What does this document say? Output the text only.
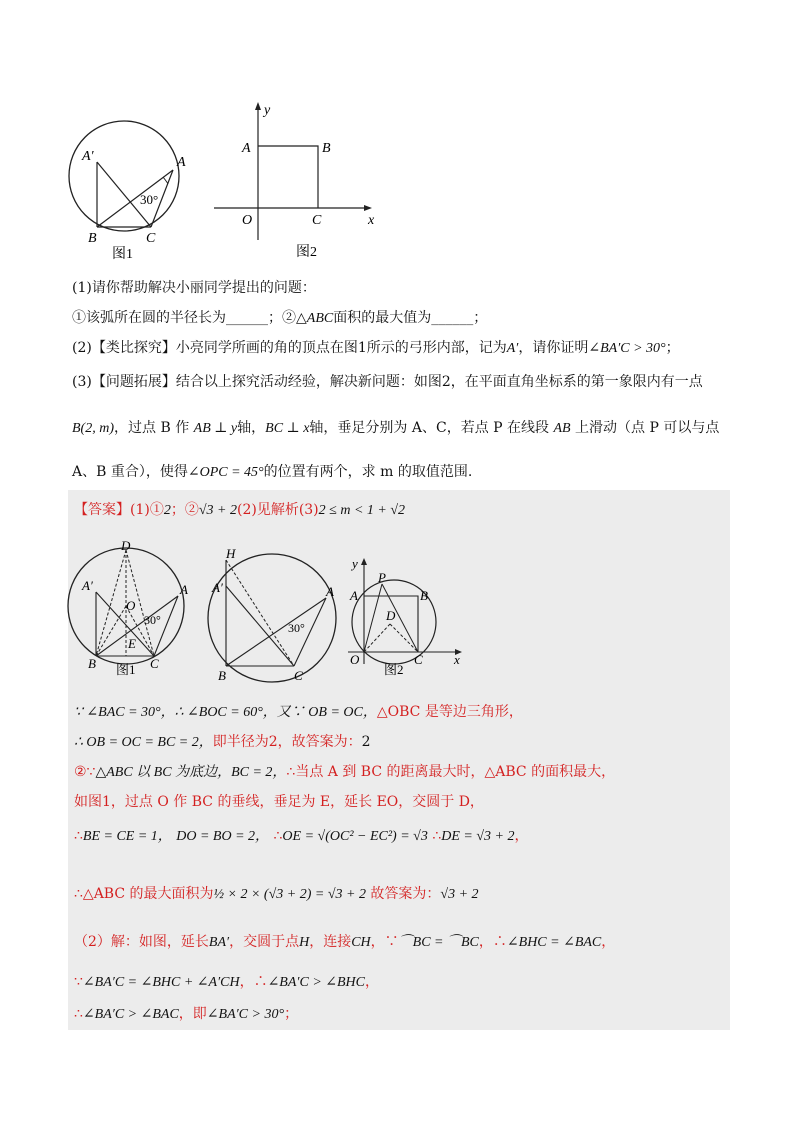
A′	A
30°
B	C
图1
y
A	B
O	C	x
图2
(1)请你帮助解决小丽同学提出的问题：
①该弧所在圆的半径长为______；②△ABC面积的最大值为______；
(2)【类比探究】小亮同学所画的角的顶点在图1所示的弓形内部，记为A′，请你证明∠BA′C > 30°；
(3)【问题拓展】结合以上探究活动经验，解决新问题：如图2，在平面直角坐标系的第一象限内有一点
B(2, m)，过点 B 作 AB ⊥ y轴，BC ⊥ x轴，垂足分别为 A、C，若点 P 在线段 AB 上滑动（点 P 可以与点
A、B 重合），使得∠OPC = 45°的位置有两个，求 m 的取值范围.
【答案】(1)①2；②√3 + 2(2)见解析(3)2 ≤ m < 1 + √2
D
A′	A
O
30°
E
B	C
图1
H
A′	A
30°
B	C
y
P
A	B
D
O	C x
图2
∵ ∠BAC = 30°，∴ ∠BOC = 60°，又∵ OB = OC，△OBC 是等边三角形，
∴ OB = OC = BC = 2，即半径为2，故答案为：2
②∵△ABC 以 BC 为底边，BC = 2，∴当点 A 到 BC 的距离最大时，△ABC 的面积最大，
如图1，过点 O 作 BC 的垂线，垂足为 E，延长 EO，交圆于 D，
∴BE = CE = 1， DO = BO = 2， ∴OE = √(OC² − EC²) = √3 ∴DE = √3 + 2，
∴△ABC 的最大面积为½ × 2 × (√3 + 2) = √3 + 2 故答案为：√3 + 2
（2）解：如图，延长BA′，交圆于点H，连接CH，∵⌒BC = ⌒BC，∴∠BHC = ∠BAC，
∵∠BA′C = ∠BHC + ∠A′CH，∴∠BA′C > ∠BHC，
∴∠BA′C > ∠BAC，即∠BA′C > 30°；
